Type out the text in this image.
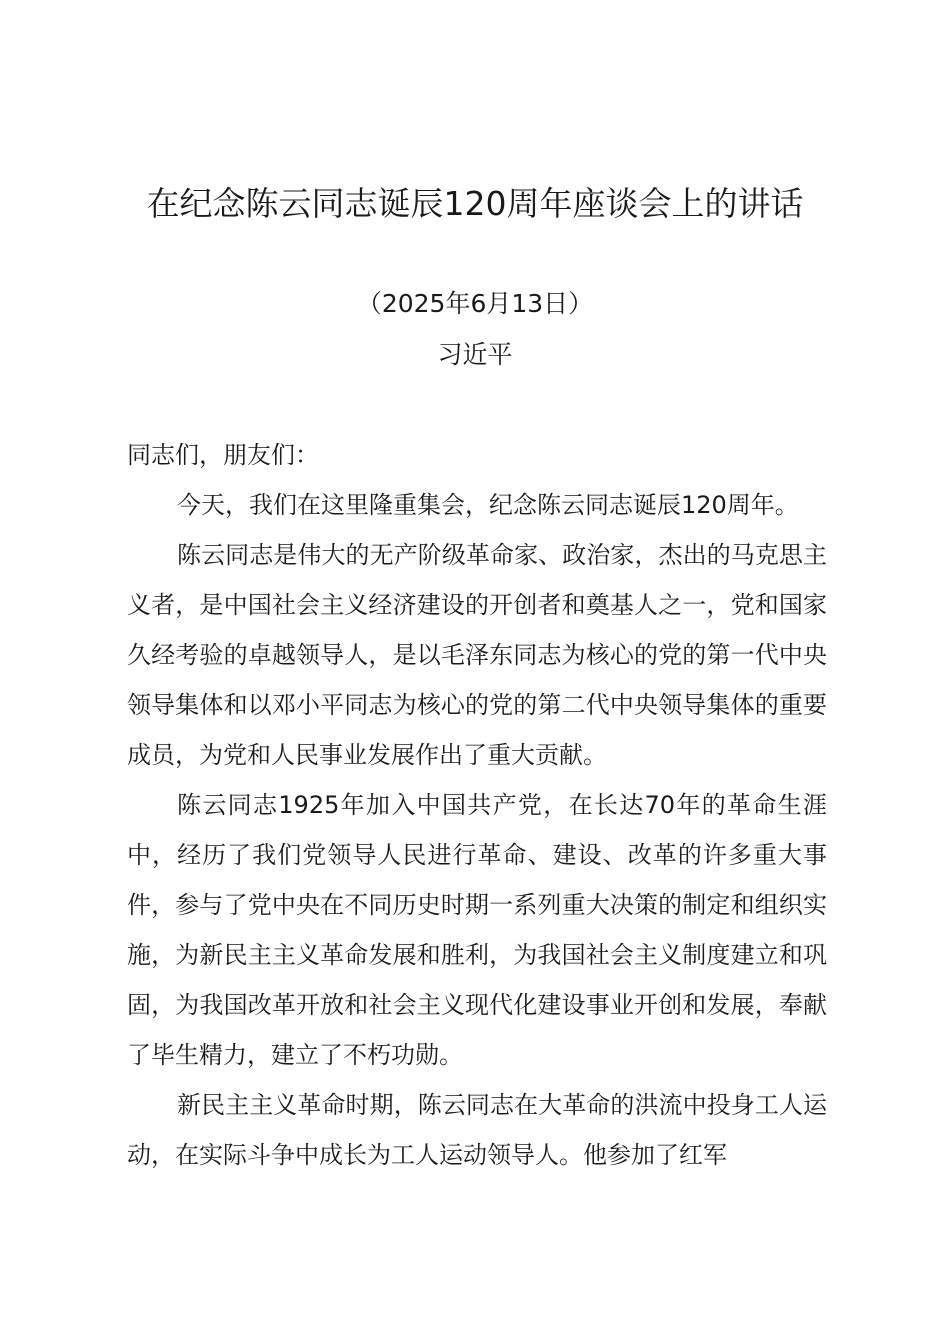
在纪念陈云同志诞辰120周年座谈会上的讲话
（2025年6月13日）
习近平

同志们，朋友们：

今天，我们在这里隆重集会，纪念陈云同志诞辰120周年。

陈云同志是伟大的无产阶级革命家、政治家，杰出的马克思主义者，是中国社会主义经济建设的开创者和奠基人之一，党和国家久经考验的卓越领导人，是以毛泽东同志为核心的党的第一代中央领导集体和以邓小平同志为核心的党的第二代中央领导集体的重要成员，为党和人民事业发展作出了重大贡献。

陈云同志1925年加入中国共产党，在长达70年的革命生涯中，经历了我们党领导人民进行革命、建设、改革的许多重大事件，参与了党中央在不同历史时期一系列重大决策的制定和组织实施，为新民主主义革命发展和胜利，为我国社会主义制度建立和巩固，为我国改革开放和社会主义现代化建设事业开创和发展，奉献了毕生精力，建立了不朽功勋。

新民主主义革命时期，陈云同志在大革命的洪流中投身工人运动，在实际斗争中成长为工人运动领导人。他参加了红军
